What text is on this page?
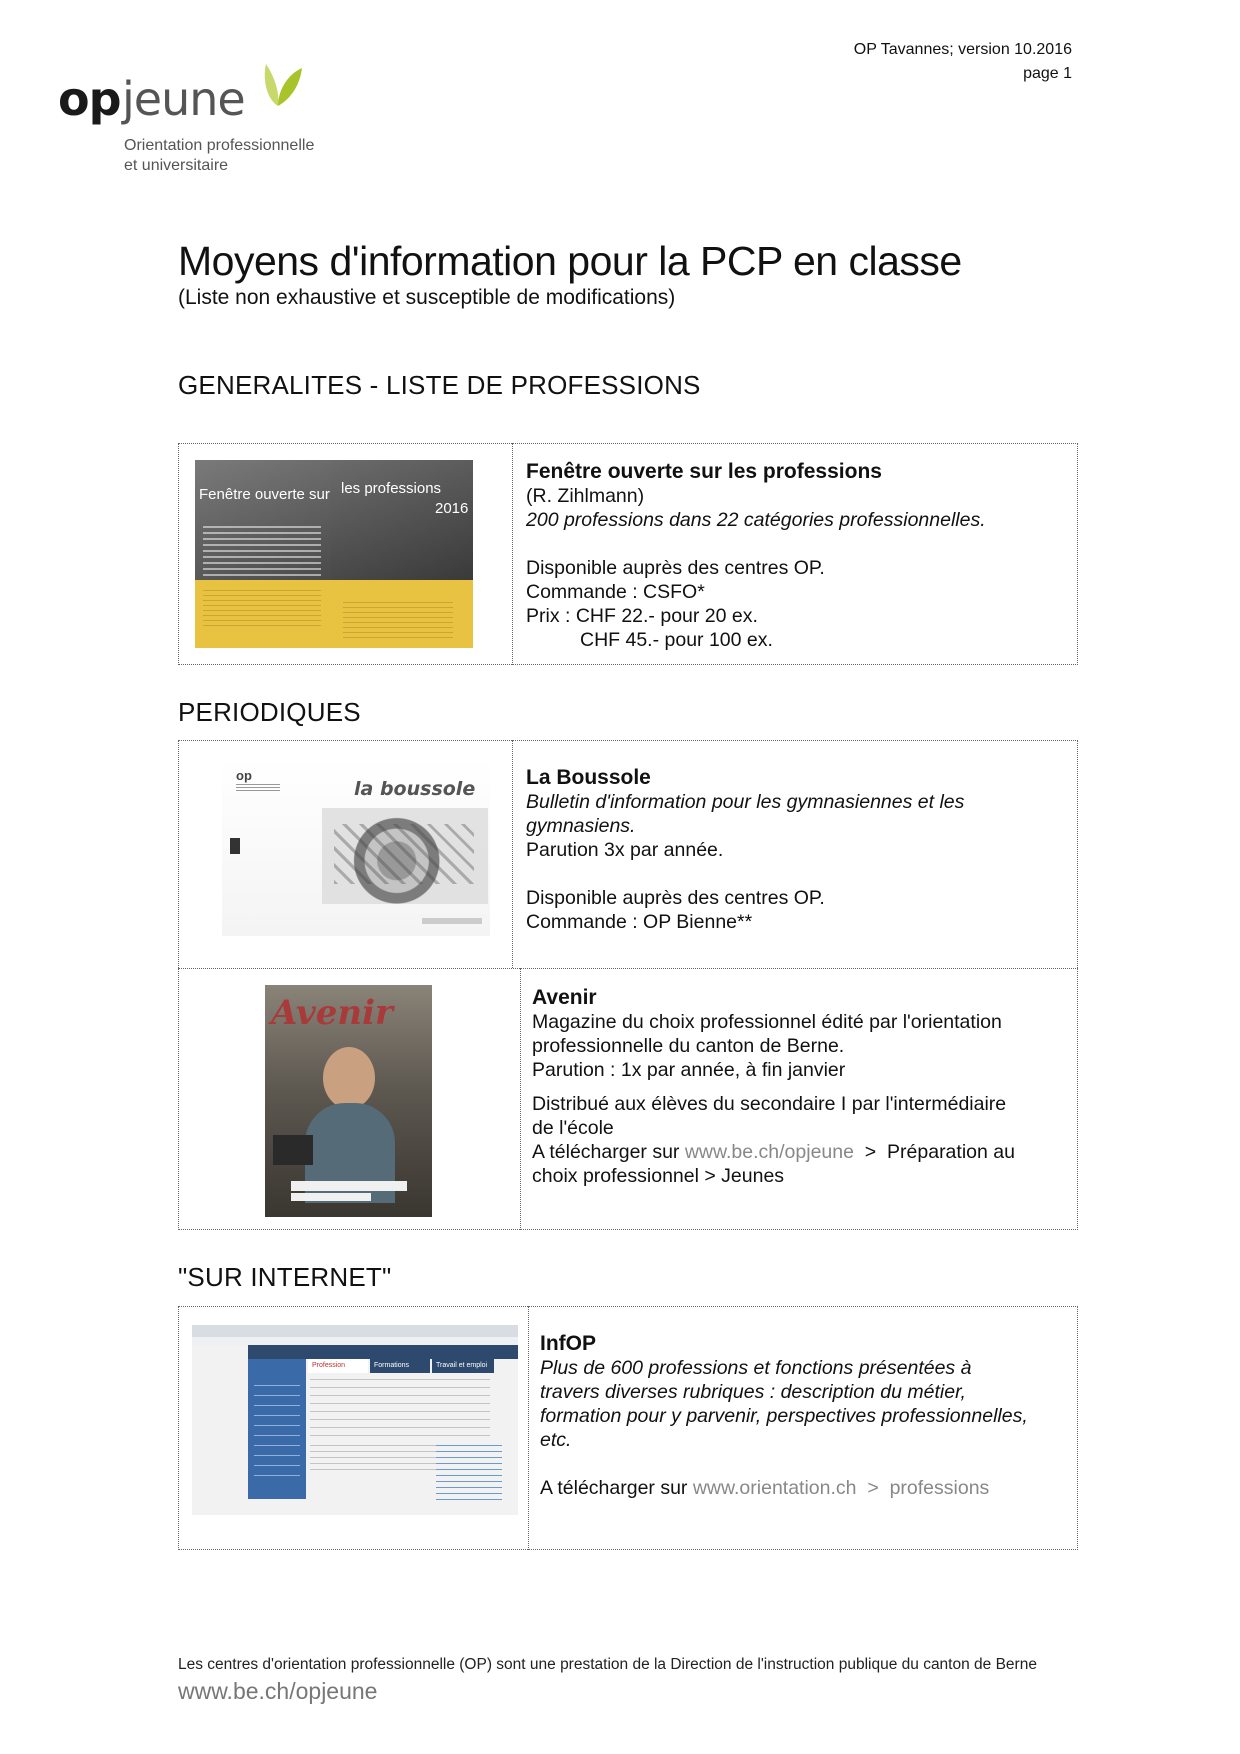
op jeune
Orientation professionnelle
et universitaire
OP Tavannes; version 10.2016
page 1
Moyens d'information pour la PCP en classe
(Liste non exhaustive et susceptible de modifications)
GENERALITES - LISTE DE PROFESSIONS
Fenêtre ouverte sur les professions
2016

Fenêtre ouverte sur les professions

(R. Zihlmann)

200 professions dans 22 catégories professionnelles.

Disponible auprès des centres OP.

Commande : CSFO*

Prix : CHF 22.- pour 20 ex.

CHF 45.- pour 100 ex.

PERIODIQUES
op
la boussole La Boussole

Bulletin d'information pour les gymnasiennes et les

gymnasiens.

Parution 3x par année.

Disponible auprès des centres OP.

Commande : OP Bienne**

Avenir	Avenir

Magazine du choix professionnel édité par l'orientation

professionnelle du canton de Berne.

Parution : 1x par année, à fin janvier

Distribué aux élèves du secondaire I par l'intermédiaire

de l'école

A télécharger sur www.be.ch/opjeune  >  Préparation au

choix professionnel > Jeunes

"SUR INTERNET"
Profession	Formations	Travail et emploi

InfOP

Plus de 600 professions et fonctions présentées à

travers diverses rubriques : description du métier,

formation pour y parvenir, perspectives professionnelles,

etc.

A télécharger sur www.orientation.ch  >  professions

Les centres d'orientation professionnelle (OP) sont une prestation de la Direction de l'instruction publique du canton de Berne
www.be.ch/opjeune
